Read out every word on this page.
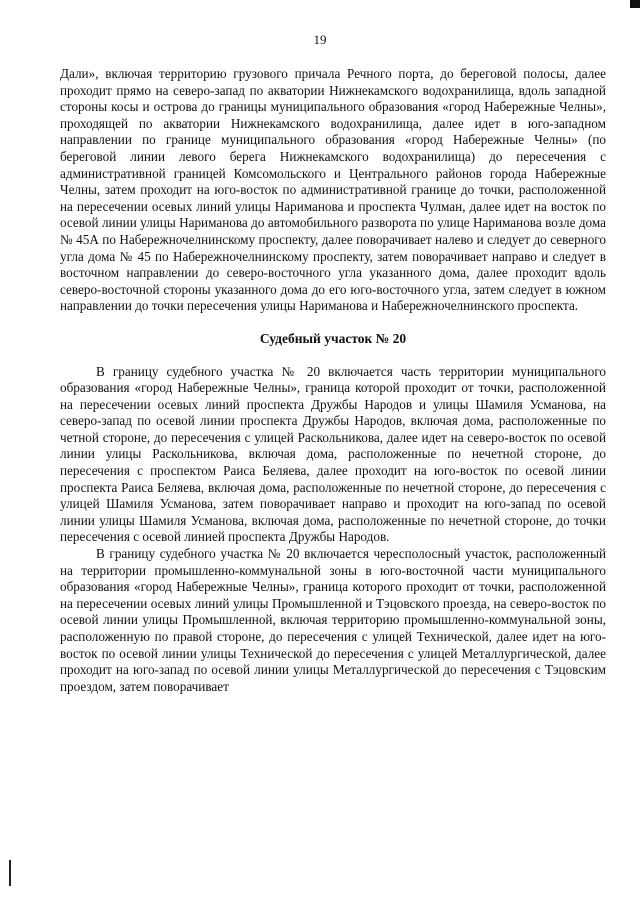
19

Дали», включая территорию грузового причала Речного порта, до береговой полосы, далее проходит прямо на северо-запад по акватории Нижнекамского водохранилища, вдоль западной стороны косы и острова до границы муниципального образования «город Набережные Челны», проходящей по акватории Нижнекамского водохранилища, далее идет в юго-западном направлении по границе муниципального образования «город Набережные Челны» (по береговой линии левого берега Нижнекамского водохранилища) до пересечения с административной границей Комсомольского и Центрального районов города Набережные Челны, затем проходит на юго-восток по административной границе до точки, расположенной на пересечении осевых линий улицы Нариманова и проспекта Чулман, далее идет на восток по осевой линии улицы Нариманова до автомобильного разворота по улице Нариманова возле дома № 45А по Набережночелнинскому проспекту, далее поворачивает налево и следует до северного угла дома № 45 по Набережночелнинскому проспекту, затем поворачивает направо и следует в восточном направлении до северо-восточного угла указанного дома, далее проходит вдоль северо-восточной стороны указанного дома до его юго-восточного угла, затем следует в южном направлении до точки пересечения улицы Нариманова и Набережночелнинского проспекта.

Судебный участок № 20

В границу судебного участка № 20 включается часть территории муниципального образования «город Набережные Челны», граница которой проходит от точки, расположенной на пересечении осевых линий проспекта Дружбы Народов и улицы Шамиля Усманова, на северо-запад по осевой линии проспекта Дружбы Народов, включая дома, расположенные по четной стороне, до пересечения с улицей Раскольникова, далее идет на северо-восток по осевой линии улицы Раскольникова, включая дома, расположенные по нечетной стороне, до пересечения с проспектом Раиса Беляева, далее проходит на юго-восток по осевой линии проспекта Раиса Беляева, включая дома, расположенные по нечетной стороне, до пересечения с улицей Шамиля Усманова, затем поворачивает направо и проходит на юго-запад по осевой линии улицы Шамиля Усманова, включая дома, расположенные по нечетной стороне, до точки пересечения с осевой линией проспекта Дружбы Народов.

В границу судебного участка № 20 включается чересполосный участок, расположенный на территории промышленно-коммунальной зоны в юго-восточной части муниципального образования «город Набережные Челны», граница которого проходит от точки, расположенной на пересечении осевых линий улицы Промышленной и Тэцовского проезда, на северо-восток по осевой линии улицы Промышленной, включая территорию промышленно-коммунальной зоны, расположенную по правой стороне, до пересечения с улицей Технической, далее идет на юго-восток по осевой линии улицы Технической до пересечения с улицей Металлургической, далее проходит на юго-запад по осевой линии улицы Металлургической до пересечения с Тэцовским проездом, затем поворачивает
